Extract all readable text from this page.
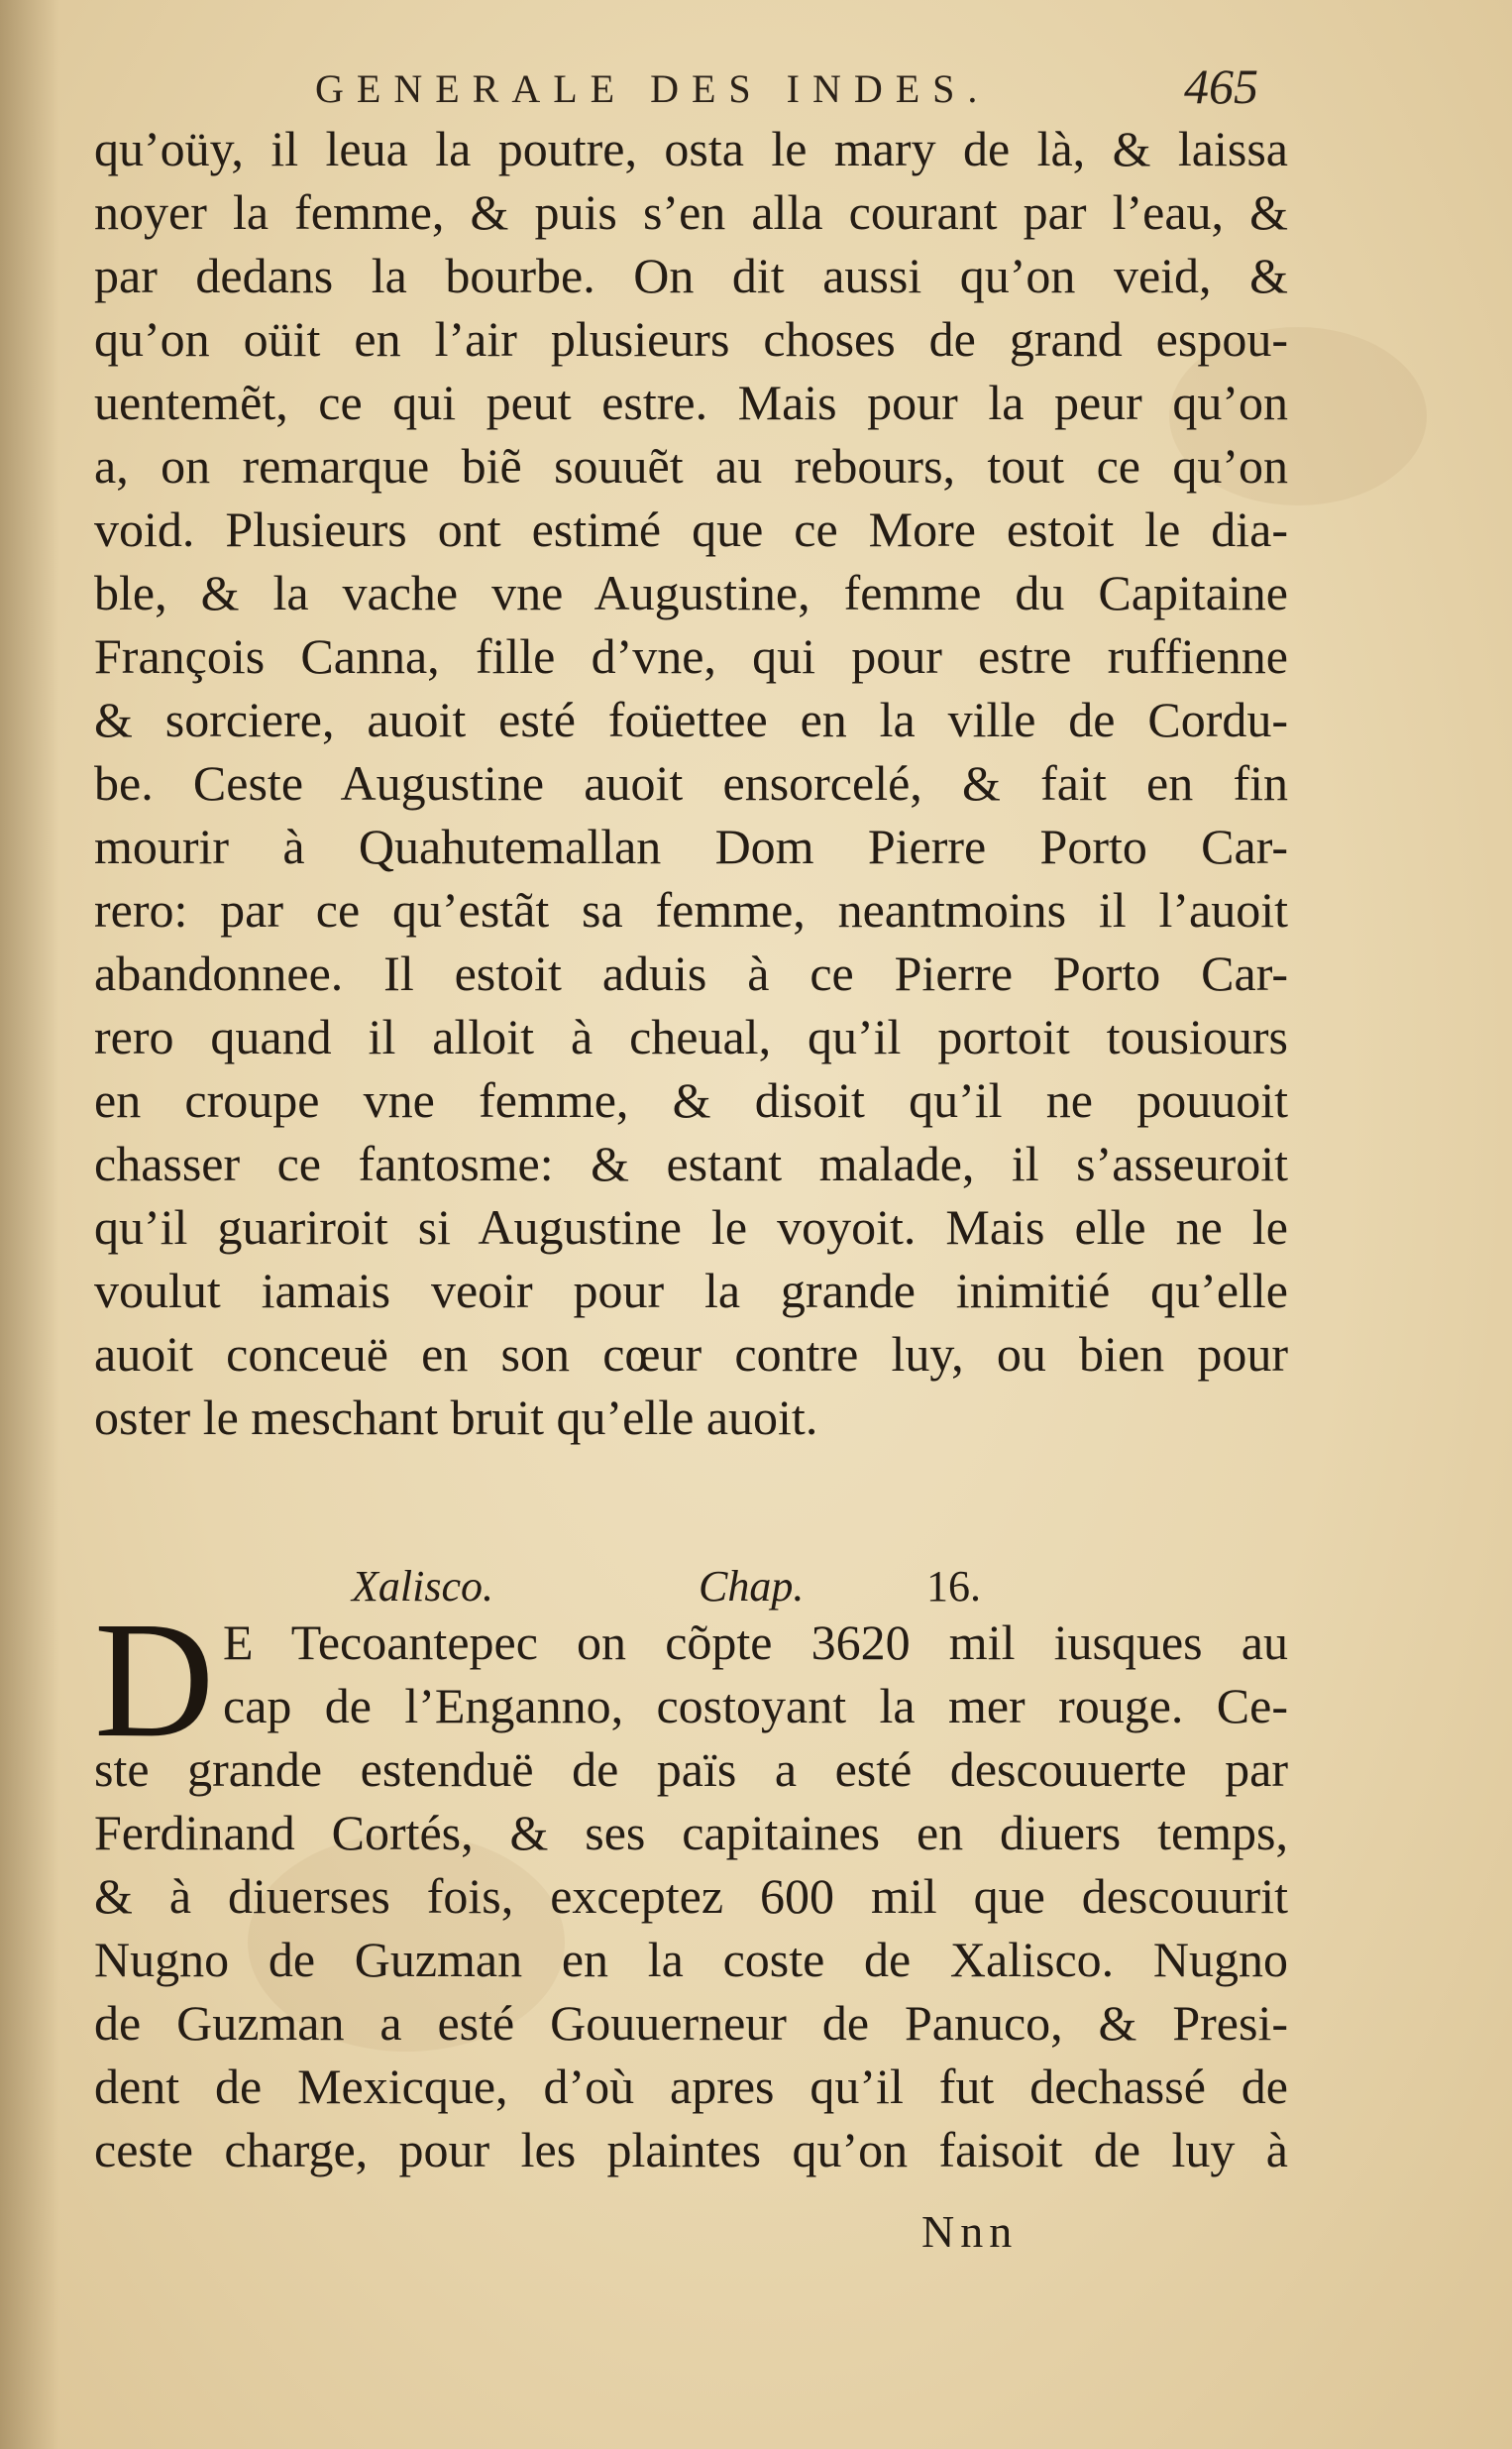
GENERALE DES INDES.	465
qu’oüy, il leua la poutre, osta le mary de là, & laissa
noyer la femme, & puis s’en alla courant par l’eau, &
par dedans la bourbe. On dit aussi qu’on veid, &
qu’on oüit en l’air plusieurs choses de grand espou-
uentemẽt, ce qui peut estre. Mais pour la peur qu’on
a, on remarque biẽ souuẽt au rebours, tout ce qu’on
void. Plusieurs ont estimé que ce More estoit le dia-
ble, & la vache vne Augustine, femme du Capitaine
François Canna, fille d’vne, qui pour estre ruffienne
& sorciere, auoit esté foüettee en la ville de Cordu-
be. Ceste Augustine auoit ensorcelé, & fait en fin
mourir à Quahutemallan Dom Pierre Porto Car-
rero: par ce qu’estãt sa femme, neantmoins il l’auoit
abandonnee. Il estoit aduis à ce Pierre Porto Car-
rero quand il alloit à cheual, qu’il portoit tousiours
en croupe vne femme, & disoit qu’il ne pouuoit
chasser ce fantosme: & estant malade, il s’asseuroit
qu’il guariroit si Augustine le voyoit. Mais elle ne le
voulut iamais veoir pour la grande inimitié qu’elle
auoit conceuë en son cœur contre luy, ou bien pour
oster le meschant bruit qu’elle auoit.
Xalisco.	Chap.	16.
D E Tecoantepec on cõpte 3620 mil iusques au
cap de l’Enganno, costoyant la mer rouge. Ce-
ste grande estenduë de païs a esté descouuerte par
Ferdinand Cortés, & ses capitaines en diuers temps,
& à diuerses fois, exceptez 600 mil que descouurit
Nugno de Guzman en la coste de Xalisco. Nugno
de Guzman a esté Gouuerneur de Panuco, & Presi-
dent de Mexicque, d’où apres qu’il fut dechassé de
ceste charge, pour les plaintes qu’on faisoit de luy à
Nnn
